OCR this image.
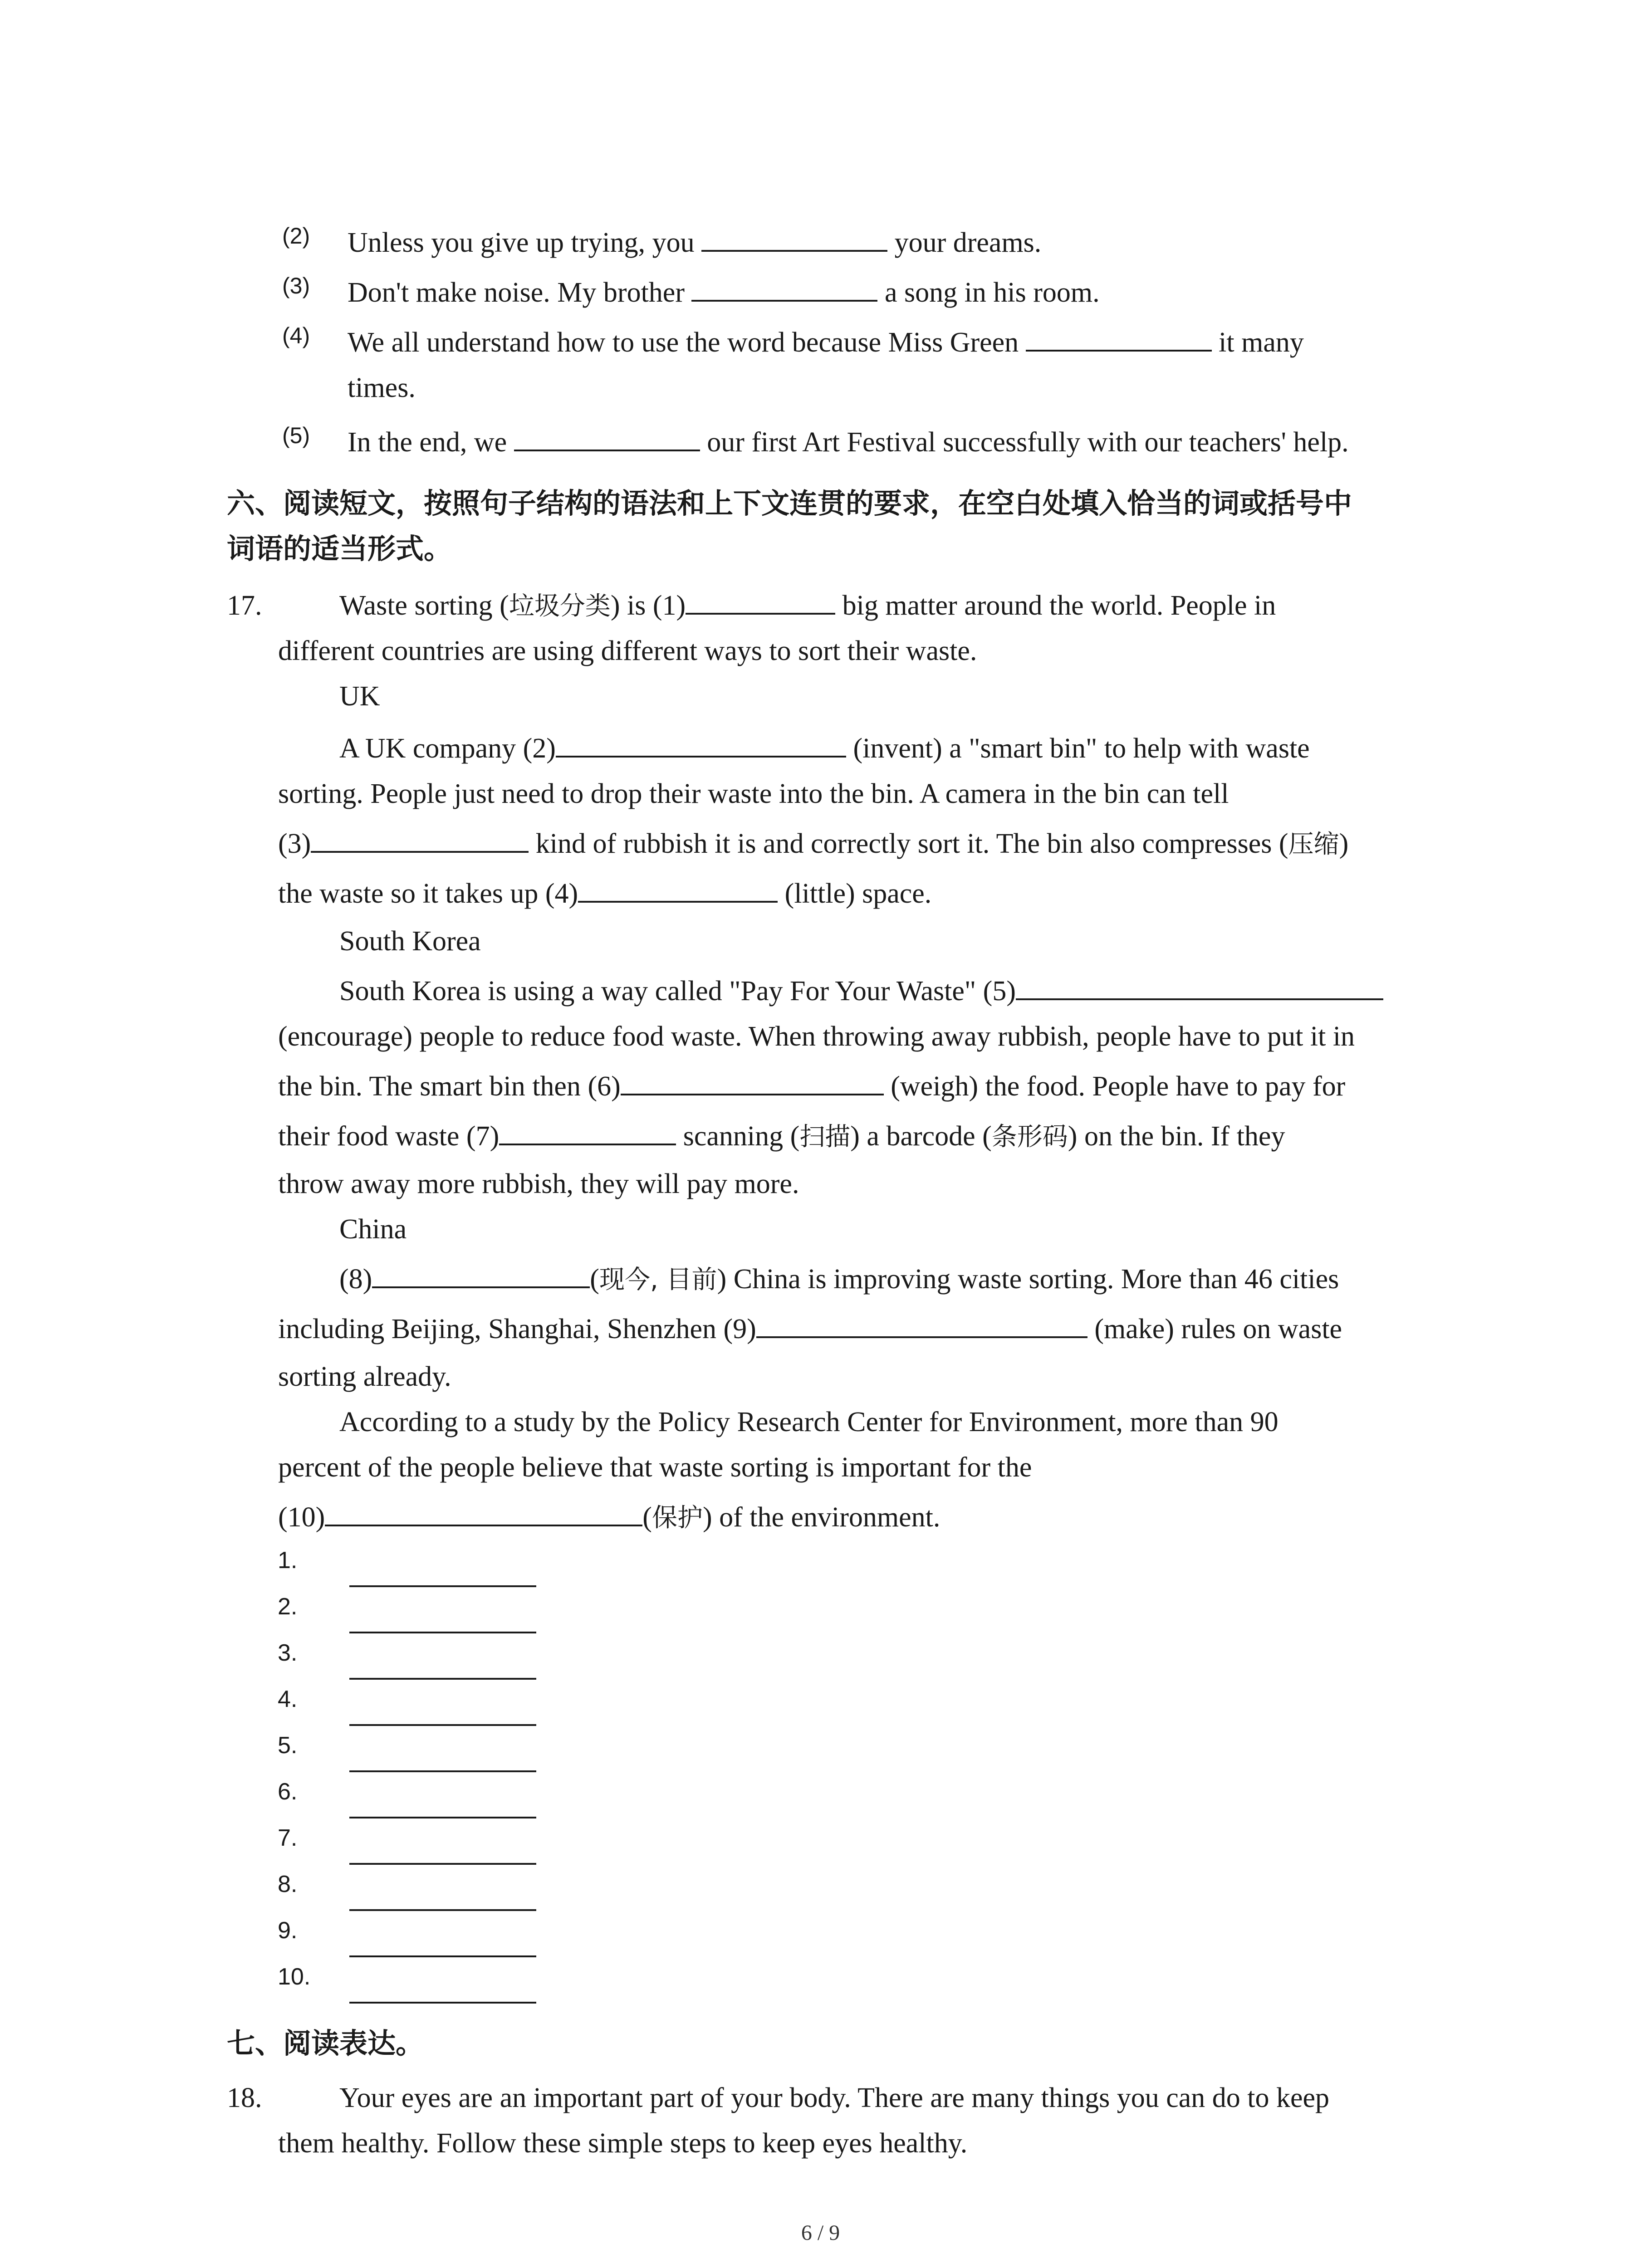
(2) Unless you give up trying, you	your dreams.
(3) Don't make noise. My brother	a song in his room.
(4) We all understand how to use the word because Miss Green	it many
times.
(5) In the end, we	our first Art Festival successfully with our teachers' help.
六、阅读短文，按照句子结构的语法和上下文连贯的要求，在空白处填入恰当的词或括号中
词语的适当形式。
17.	Waste sorting (垃圾分类) is (1)	big matter around the world. People in
different countries are using different ways to sort their waste.
UK
A UK company (2)	(invent) a "smart bin" to help with waste
sorting. People just need to drop their waste into the bin. A camera in the bin can tell
(3)	kind of rubbish it is and correctly sort it. The bin also compresses (压缩)
the waste so it takes up (4)	(little) space.
South Korea
South Korea is using a way called "Pay For Your Waste" (5)
(encourage) people to reduce food waste. When throwing away rubbish, people have to put it in
the bin. The smart bin then (6)	(weigh) the food. People have to pay for
their food waste (7)	scanning (扫描) a barcode (条形码) on the bin. If they
throw away more rubbish, they will pay more.
China
(8)	(现今, 目前) China is improving waste sorting. More than 46 cities
including Beijing, Shanghai, Shenzhen (9)	(make) rules on waste
sorting already.
According to a study by the Policy Research Center for Environment, more than 90
percent of the people believe that waste sorting is important for the
(10)	(保护) of the environment.
1.
2.
3.
4.
5.
6.
7.
8.
9.
10.
七、阅读表达。
18.	Your eyes are an important part of your body. There are many things you can do to keep
them healthy. Follow these simple steps to keep eyes healthy.
6 / 9
